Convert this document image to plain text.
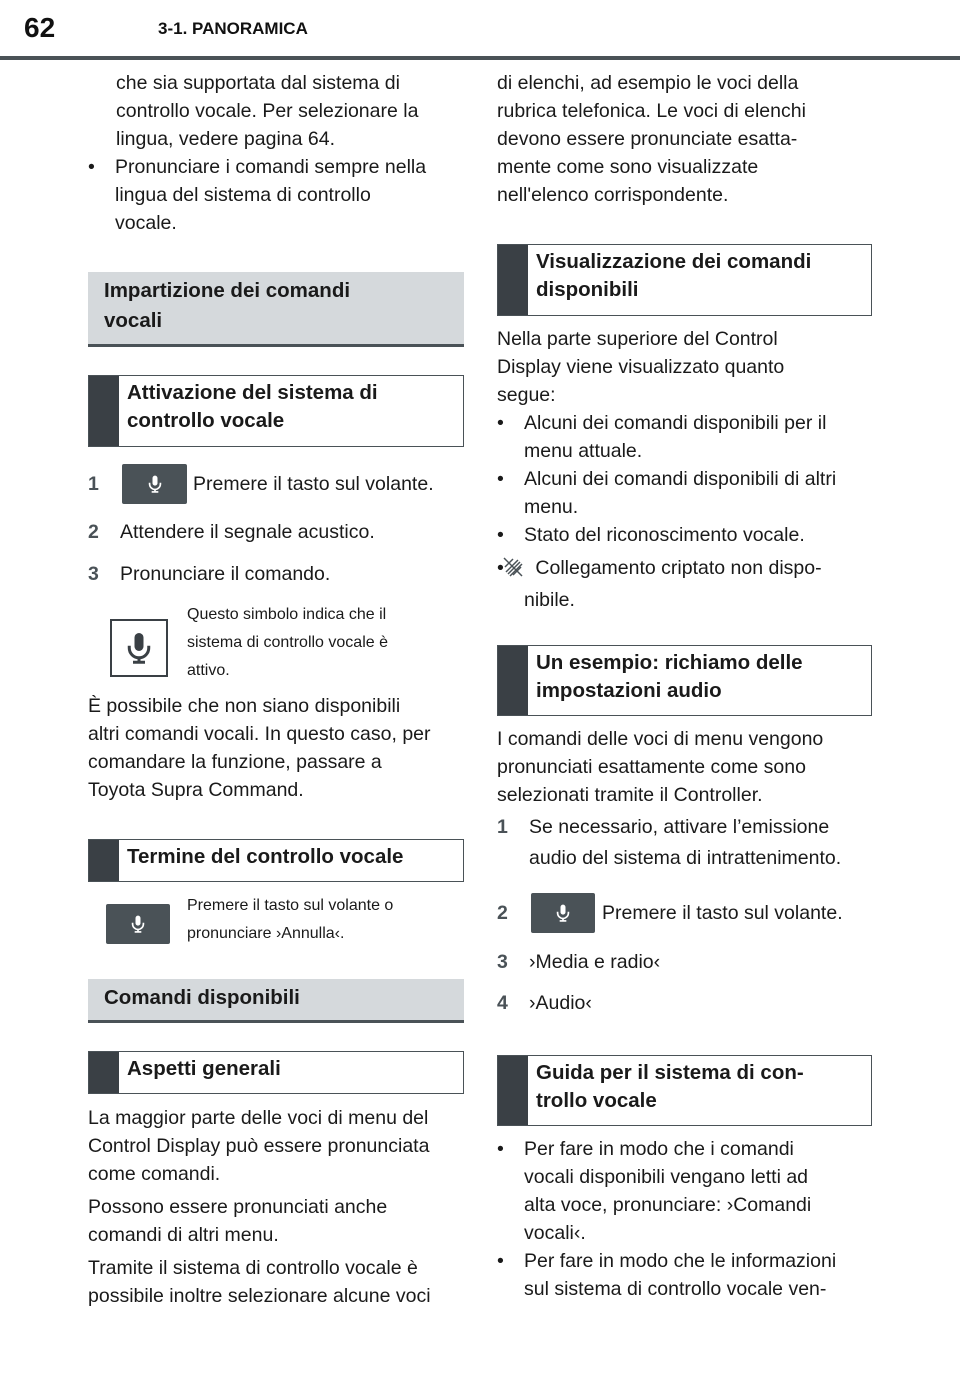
62	3-1. PANORAMICA
che sia supportata dal sistema di
controllo vocale. Per selezionare la
lingua, vedere pagina 64.
• Pronunciare i comandi sempre nella
lingua del sistema di controllo
vocale.
Impartizione dei comandi
vocali
Attivazione del sistema di
controllo vocale
1	Premere il tasto sul volante.
2 Attendere il segnale acustico.
3 Pronunciare il comando.
Questo simbolo indica che il
sistema di controllo vocale è
attivo.
È possibile che non siano disponibili
altri comandi vocali. In questo caso, per
comandare la funzione, passare a
Toyota Supra Command.
Termine del controllo vocale
Premere il tasto sul volante o
pronunciare ›Annulla‹.
Comandi disponibili
Aspetti generali
La maggior parte delle voci di menu del
Control Display può essere pronunciata
come comandi.
Possono essere pronunciati anche
comandi di altri menu.
Tramite il sistema di controllo vocale è
possibile inoltre selezionare alcune voci
di elenchi, ad esempio le voci della
rubrica telefonica. Le voci di elenchi
devono essere pronunciate esatta-
mente come sono visualizzate
nell'elenco corrispondente.
Visualizzazione dei comandi
disponibili
Nella parte superiore del Control
Display viene visualizzato quanto
segue:
• Alcuni dei comandi disponibili per il
menu attuale.
• Alcuni dei comandi disponibili di altri
menu.
• Stato del riconoscimento vocale.
• Collegamento criptato non dispo-
nibile.
Un esempio: richiamo delle
impostazioni audio
I comandi delle voci di menu vengono
pronunciati esattamente come sono
selezionati tramite il Controller.
1 Se necessario, attivare l’emissione
audio del sistema di intrattenimento.
2	Premere il tasto sul volante.
3 ›Media e radio‹
4 ›Audio‹
Guida per il sistema di con-
trollo vocale
• Per fare in modo che i comandi
vocali disponibili vengano letti ad
alta voce, pronunciare: ›Comandi
vocali‹.
• Per fare in modo che le informazioni
sul sistema di controllo vocale ven-
